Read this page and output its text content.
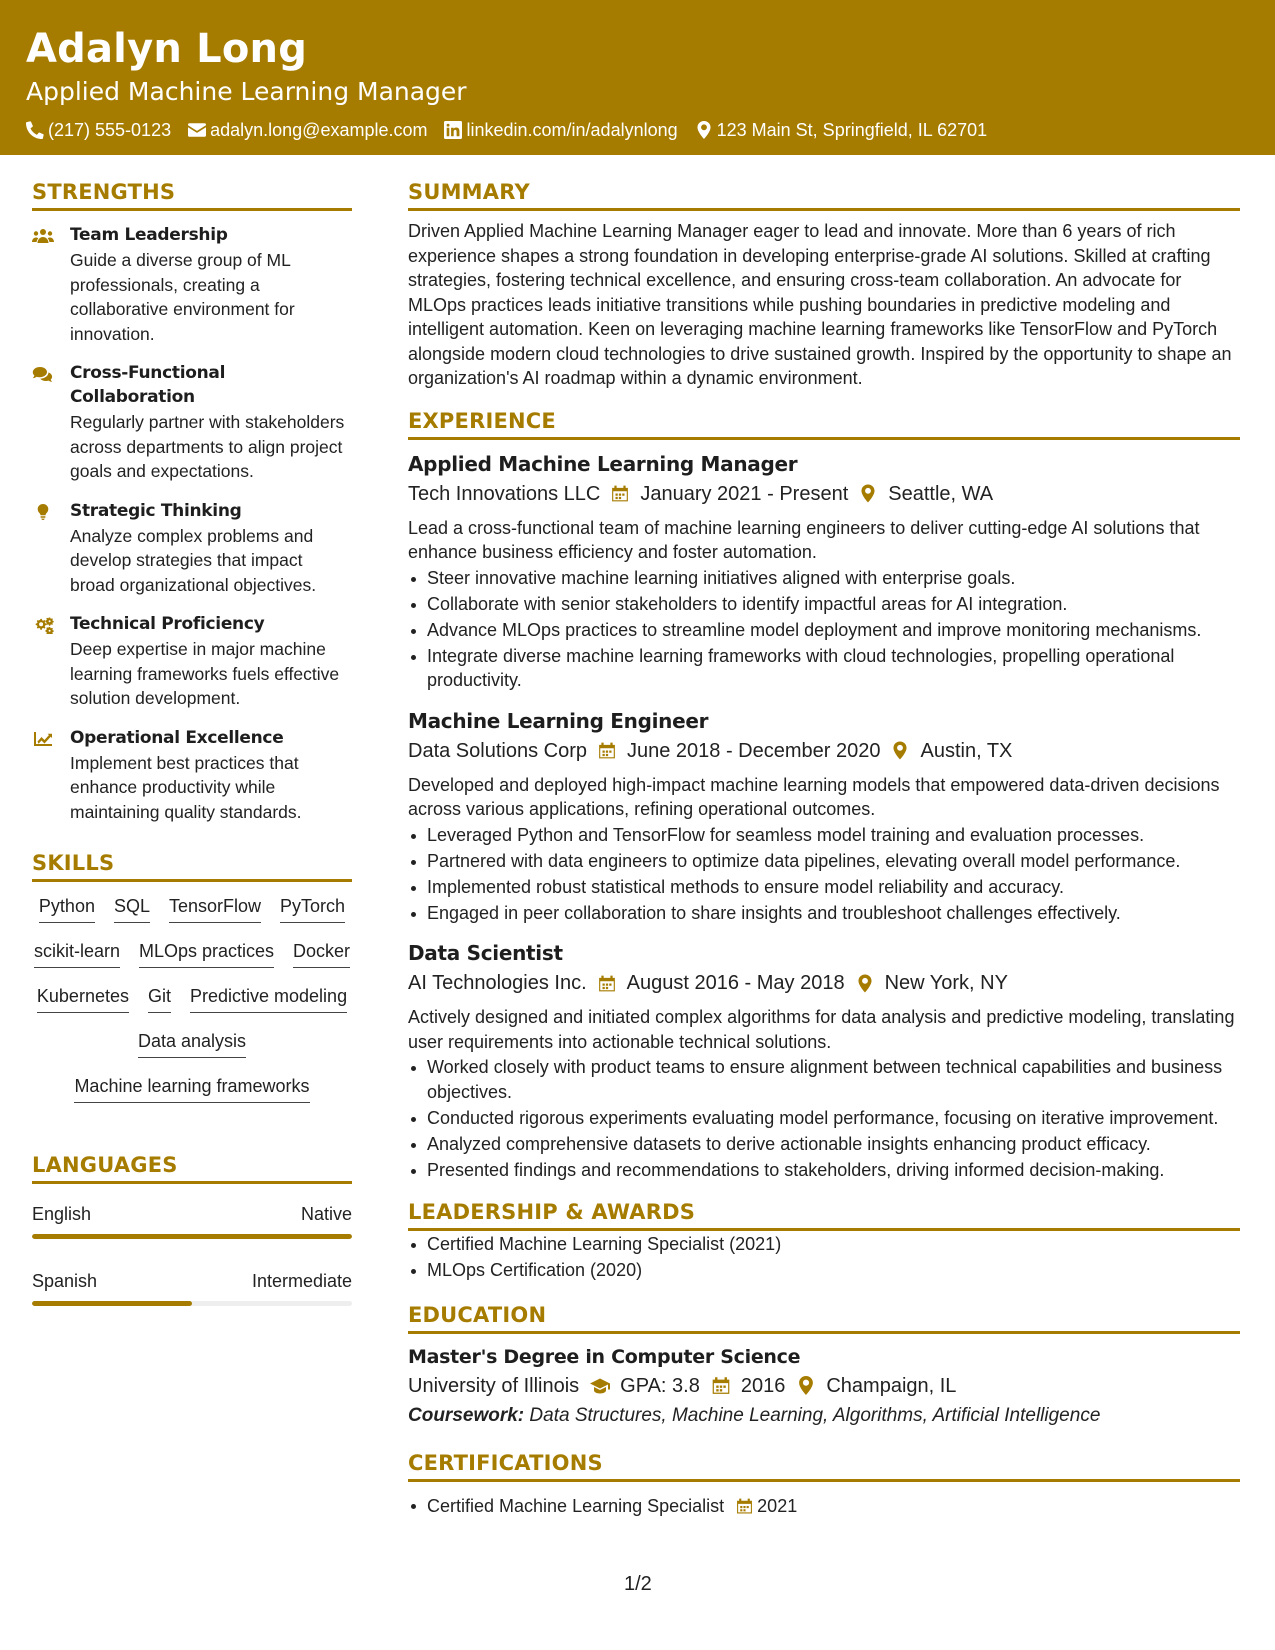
Adalyn Long
Applied Machine Learning Manager
(217) 555-0123 adalyn.long@example.com linkedin.com/in/adalynlong 123 Main St, Springfield, IL 62701
STRENGTHS
Team Leadership
Guide a diverse group of ML professionals, creating a collaborative environment for innovation.
Cross-Functional Collaboration
Regularly partner with stakeholders across departments to align project goals and expectations.
Strategic Thinking
Analyze complex problems and develop strategies that impact broad organizational objectives.
Technical Proficiency
Deep expertise in major machine learning frameworks fuels effective solution development.
Operational Excellence
Implement best practices that enhance productivity while maintaining quality standards.
SKILLS
Python SQL TensorFlow PyTorch
scikit-learn MLOps practices Docker
Kubernetes Git Predictive modeling
Data analysis
Machine learning frameworks
LANGUAGES
English	Native
Spanish	Intermediate
SUMMARY
Driven Applied Machine Learning Manager eager to lead and innovate. More than 6 years of rich experience shapes a strong foundation in developing enterprise-grade AI solutions. Skilled at crafting strategies, fostering technical excellence, and ensuring cross-team collaboration. An advocate for MLOps practices leads initiative transitions while pushing boundaries in predictive modeling and intelligent automation. Keen on leveraging machine learning frameworks like TensorFlow and PyTorch alongside modern cloud technologies to drive sustained growth. Inspired by the opportunity to shape an organization's AI roadmap within a dynamic environment.
EXPERIENCE
Applied Machine Learning Manager
Tech Innovations LLC January 2021 - Present Seattle, WA
Lead a cross-functional team of machine learning engineers to deliver cutting-edge AI solutions that enhance business efficiency and foster automation.
Steer innovative machine learning initiatives aligned with enterprise goals.
Collaborate with senior stakeholders to identify impactful areas for AI integration.
Advance MLOps practices to streamline model deployment and improve monitoring mechanisms.
Integrate diverse machine learning frameworks with cloud technologies, propelling operational productivity.
Machine Learning Engineer
Data Solutions Corp June 2018 - December 2020 Austin, TX
Developed and deployed high-impact machine learning models that empowered data-driven decisions across various applications, refining operational outcomes.
Leveraged Python and TensorFlow for seamless model training and evaluation processes.
Partnered with data engineers to optimize data pipelines, elevating overall model performance.
Implemented robust statistical methods to ensure model reliability and accuracy.
Engaged in peer collaboration to share insights and troubleshoot challenges effectively.
Data Scientist
AI Technologies Inc. August 2016 - May 2018 New York, NY
Actively designed and initiated complex algorithms for data analysis and predictive modeling, translating user requirements into actionable technical solutions.
Worked closely with product teams to ensure alignment between technical capabilities and business objectives.
Conducted rigorous experiments evaluating model performance, focusing on iterative improvement.
Analyzed comprehensive datasets to derive actionable insights enhancing product efficacy.
Presented findings and recommendations to stakeholders, driving informed decision-making.
LEADERSHIP & AWARDS
Certified Machine Learning Specialist (2021)
MLOps Certification (2020)
EDUCATION
Master's Degree in Computer Science
University of Illinois GPA: 3.8 2016 Champaign, IL
Coursework: Data Structures, Machine Learning, Algorithms, Artificial Intelligence
CERTIFICATIONS
Certified Machine Learning Specialist 2021
1/2
